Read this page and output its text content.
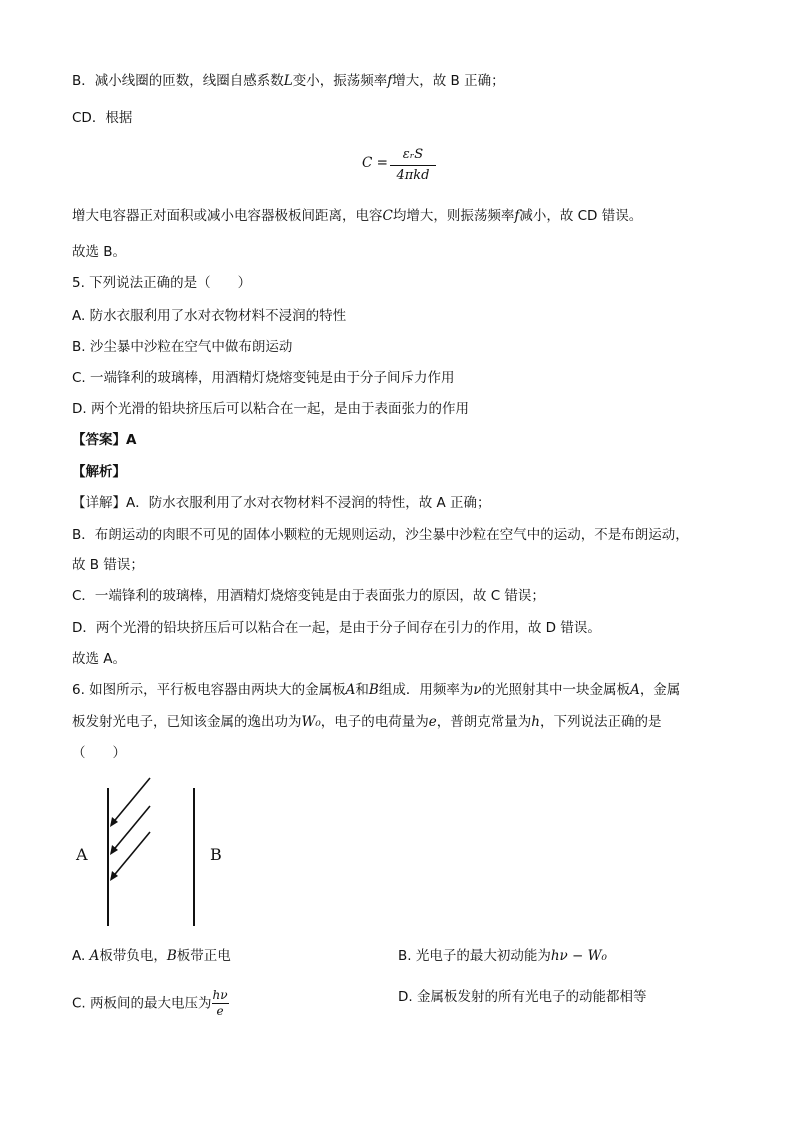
B．减小线圈的匝数，线圈自感系数L变小，振荡频率f增大，故 B 正确；
CD．根据
C =
εᵣS
4πkd
增大电容器正对面积或减小电容器极板间距离，电容C均增大，则振荡频率f减小，故 CD 错误。
故选 B。
5. 下列说法正确的是（　　）
A. 防水衣服利用了水对衣物材料不浸润的特性
B. 沙尘暴中沙粒在空气中做布朗运动
C. 一端锋利的玻璃棒，用酒精灯烧熔变钝是由于分子间斥力作用
D. 两个光滑的铅块挤压后可以粘合在一起，是由于表面张力的作用
【答案】A
【解析】
【详解】A．防水衣服利用了水对衣物材料不浸润的特性，故 A 正确；
B．布朗运动的肉眼不可见的固体小颗粒的无规则运动，沙尘暴中沙粒在空气中的运动，不是布朗运动，
故 B 错误；
C．一端锋利的玻璃棒，用酒精灯烧熔变钝是由于表面张力的原因，故 C 错误；
D．两个光滑的铅块挤压后可以粘合在一起，是由于分子间存在引力的作用，故 D 错误。
故选 A。
6. 如图所示，平行板电容器由两块大的金属板A和B组成．用频率为ν的光照射其中一块金属板A，金属
板发射光电子，已知该金属的逸出功为W₀，电子的电荷量为e，普朗克常量为h，下列说法正确的是
（　　）
A	B
A. A板带负电，B板带正电	B. 光电子的最大初动能为hν − W₀
C. 两板间的最大电压为 $\frac{h\nu}{e}$	D. 金属板发射的所有光电子的动能都相等
